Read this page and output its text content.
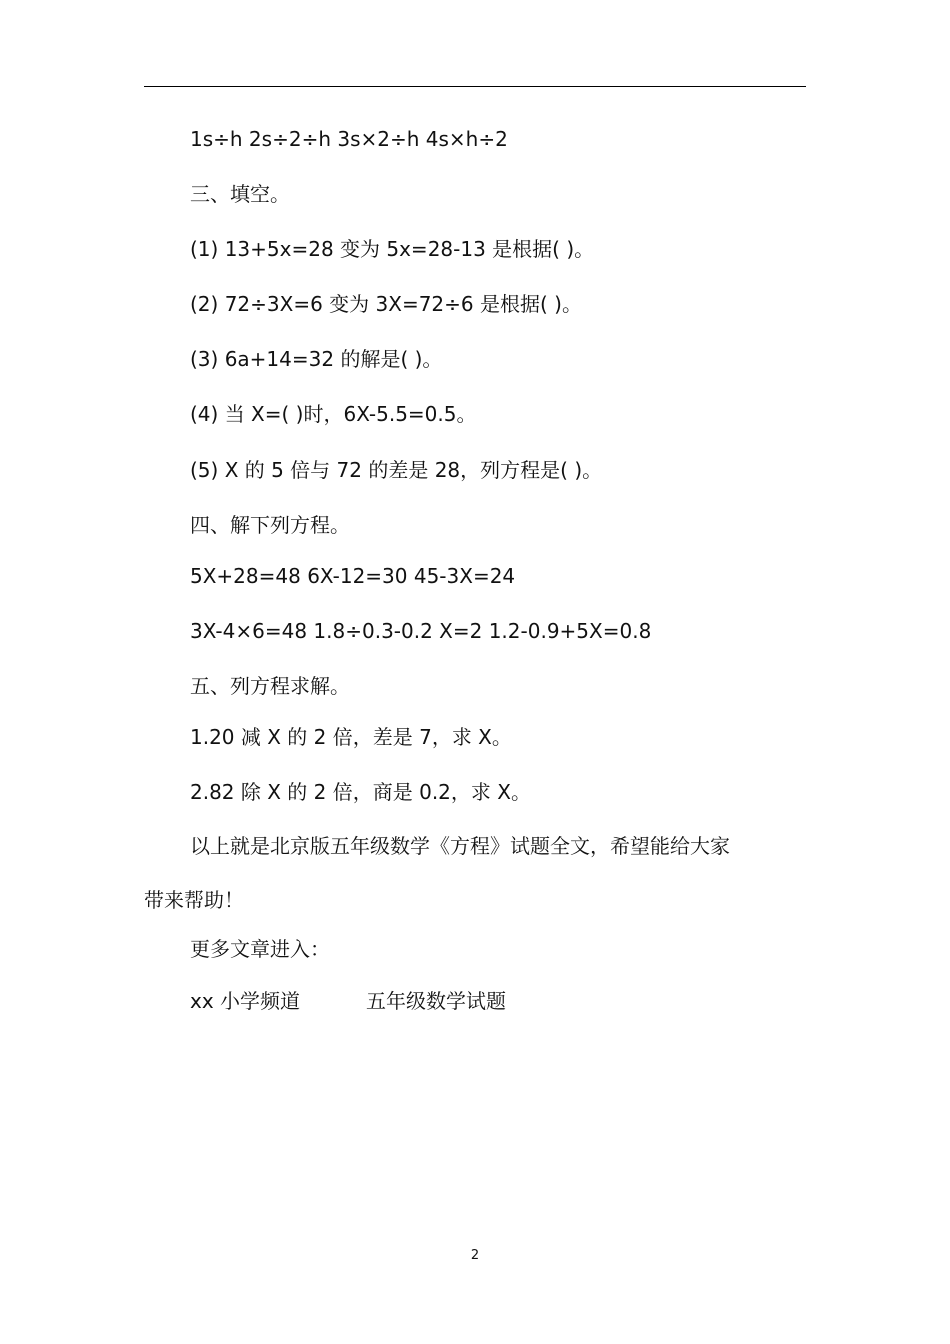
1s÷h 2s÷2÷h 3s×2÷h 4s×h÷2
三、填空。
(1) 13+5x=28 变为 5x=28-13 是根据( )。
(2) 72÷3X=6 变为 3X=72÷6 是根据( )。
(3) 6a+14=32 的解是( )。
(4) 当 X=( )时，6X-5.5=0.5。
(5) X 的 5 倍与 72 的差是 28，列方程是( )。
四、解下列方程。
5X+28=48 6X-12=30 45-3X=24
3X-4×6=48 1.8÷0.3-0.2 X=2 1.2-0.9+5X=0.8
五、列方程求解。
1.20 减 X 的 2 倍，差是 7，求 X。
2.82 除 X 的 2 倍，商是 0.2，求 X。
以上就是北京版五年级数学《方程》试题全文，希望能给大家
带来帮助！
更多文章进入：
xx 小学频道	五年级数学试题
2
